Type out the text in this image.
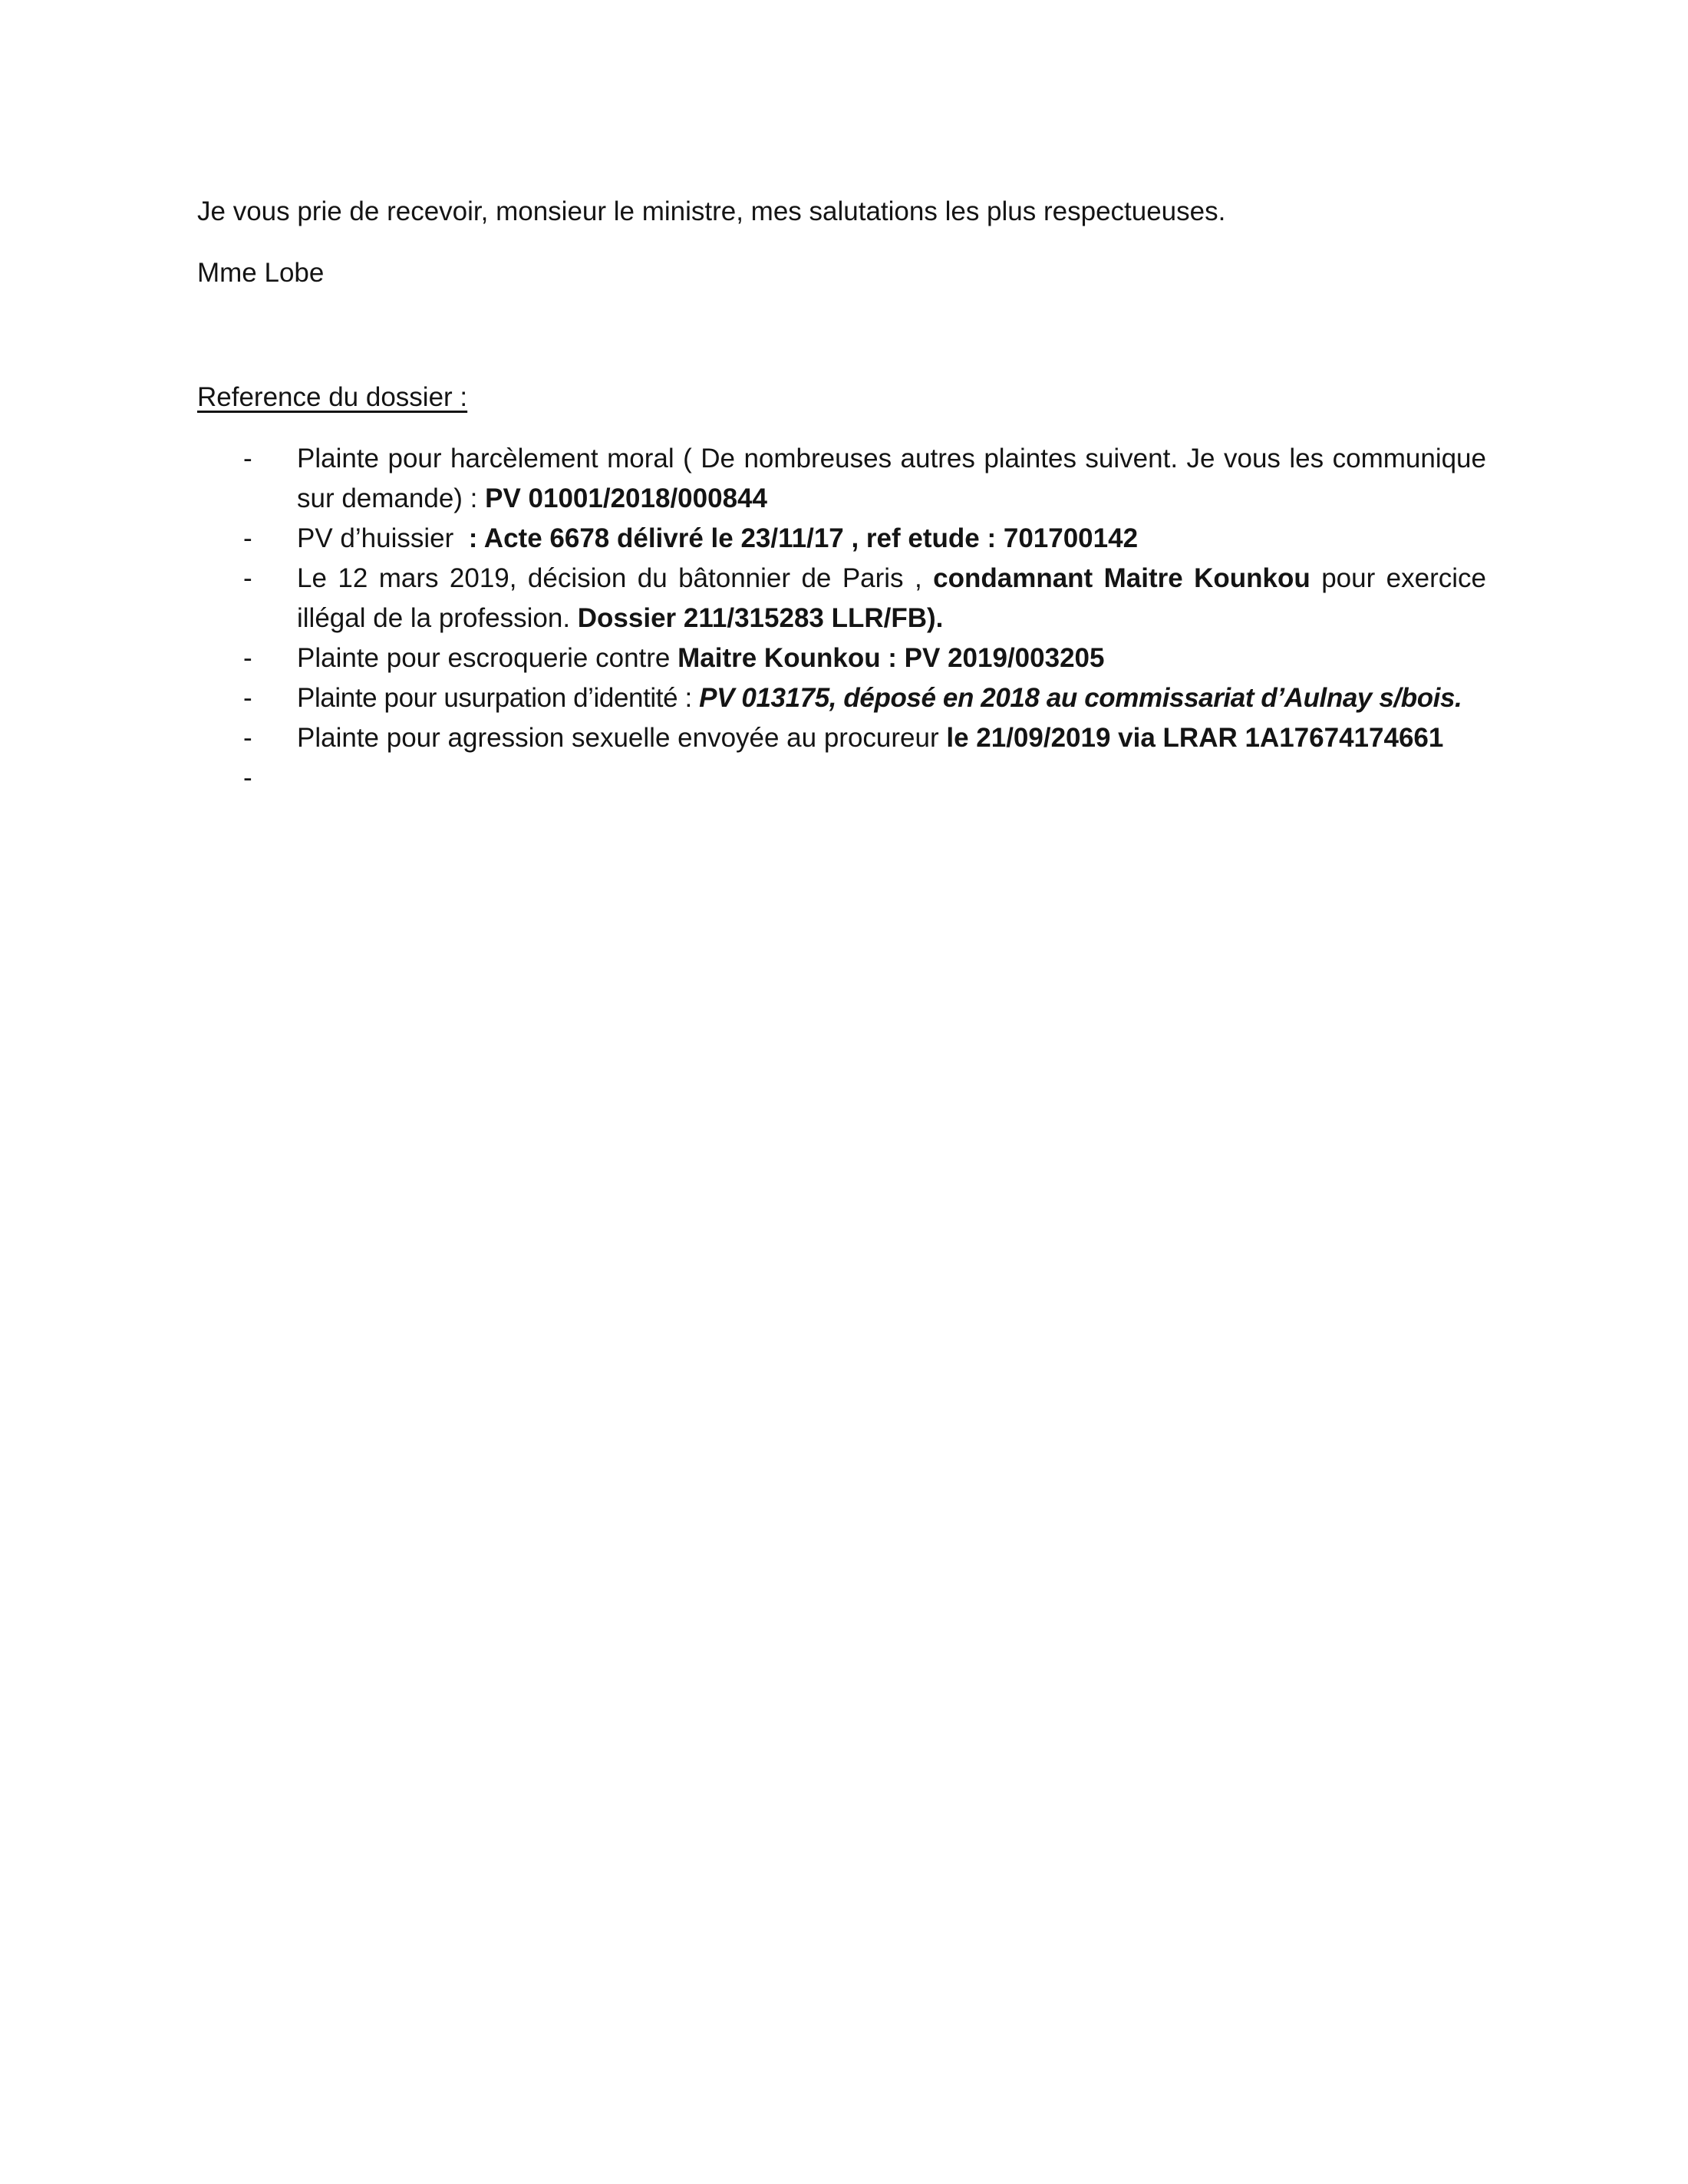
Je vous prie de recevoir, monsieur le ministre, mes salutations les plus respectueuses.

Mme Lobe

Reference du dossier :

- Plainte pour harcèlement moral ( De nombreuses autres plaintes suivent. Je vous les communique sur demande) : PV 01001/2018/000844
- PV d’huissier  : Acte 6678 délivré le 23/11/17 , ref etude : 701700142
- Le 12 mars 2019, décision du bâtonnier de Paris , condamnant Maitre Kounkou pour exercice illégal de la profession. Dossier 211/315283 LLR/FB).
- Plainte pour escroquerie contre Maitre Kounkou : PV 2019/003205
- Plainte pour usurpation d’identité : PV 013175, déposé en 2018 au commissariat d’Aulnay s/bois.
- Plainte pour agression sexuelle envoyée au procureur le 21/09/2019 via LRAR 1A17674174661
-
